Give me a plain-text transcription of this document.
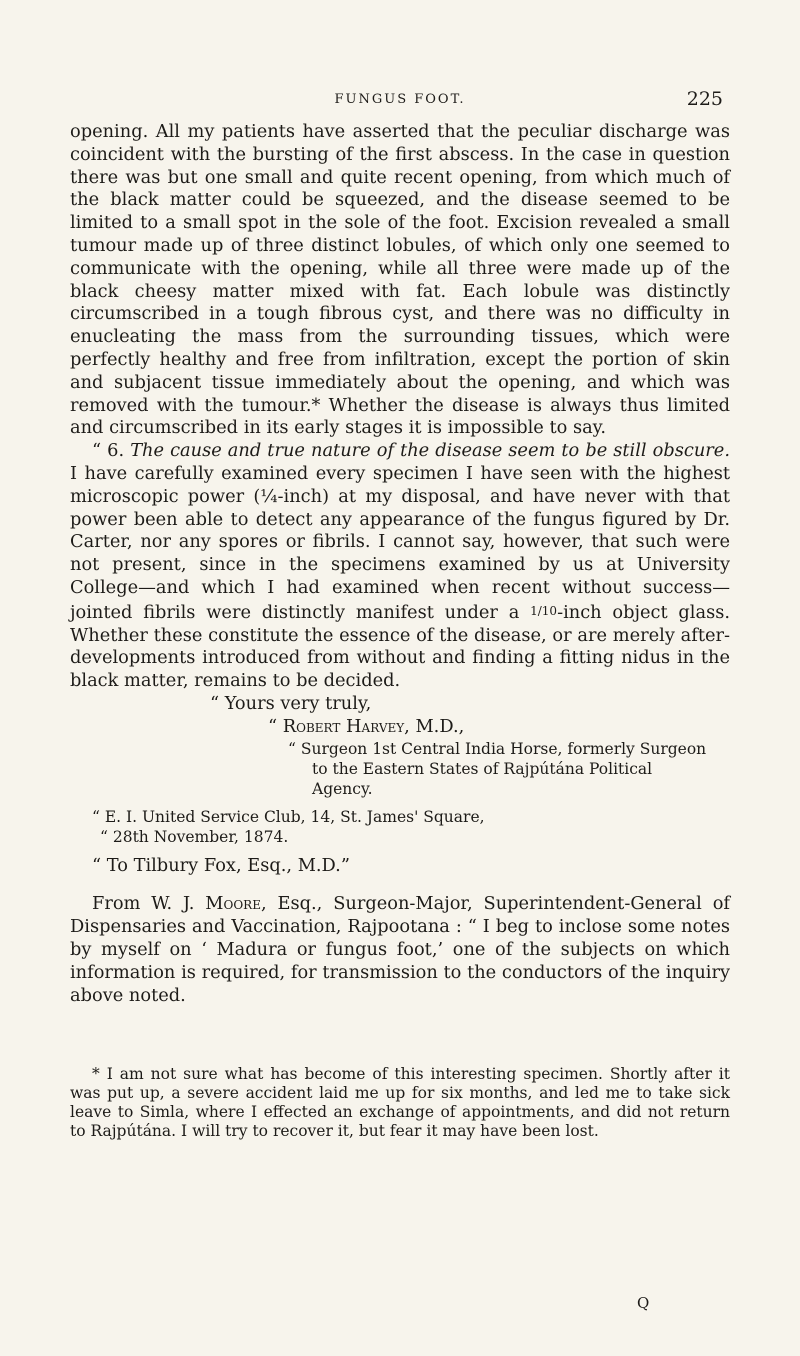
FUNGUS FOOT.	225

opening. All my patients have asserted that the peculiar discharge was coincident with the bursting of the first abscess. In the case in question there was but one small and quite recent opening, from which much of the black matter could be squeezed, and the disease seemed to be limited to a small spot in the sole of the foot. Excision revealed a small tumour made up of three distinct lobules, of which only one seemed to communicate with the opening, while all three were made up of the black cheesy matter mixed with fat. Each lobule was distinctly circumscribed in a tough fibrous cyst, and there was no difficulty in enucleating the mass from the surrounding tissues, which were perfectly healthy and free from infiltration, except the portion of skin and subjacent tissue immediately about the opening, and which was removed with the tumour.* Whether the disease is always thus limited and circumscribed in its early stages it is impossible to say.

“ 6. The cause and true nature of the disease seem to be still obscure. I have carefully examined every specimen I have seen with the highest microscopic power (¼-inch) at my disposal, and have never with that power been able to detect any appearance of the fungus figured by Dr. Carter, nor any spores or fibrils. I cannot say, however, that such were not present, since in the specimens examined by us at University College—and which I had examined when recent without success—jointed fibrils were distinctly manifest under a 1/10-inch object glass. Whether these constitute the essence of the disease, or are merely after-developments introduced from without and finding a fitting nidus in the black matter, remains to be decided.

“ Yours very truly,

“ Robert Harvey, M.D.,

“ Surgeon 1st Central India Horse, formerly Surgeon

to the Eastern States of Rajpútána Political

Agency.

“ E. I. United Service Club, 14, St. James' Square,

“ 28th November, 1874.

“ To Tilbury Fox, Esq., M.D.”

From W. J. Moore, Esq., Surgeon-Major, Superintendent-General of Dispensaries and Vaccination, Rajpootana : “ I beg to inclose some notes by myself on ‘ Madura or fungus foot,’ one of the subjects on which information is required, for transmission to the conductors of the inquiry above noted.

* I am not sure what has become of this interesting specimen. Shortly after it was put up, a severe accident laid me up for six months, and led me to take sick leave to Simla, where I effected an exchange of appointments, and did not return to Rajpútána. I will try to recover it, but fear it may have been lost.

Q
